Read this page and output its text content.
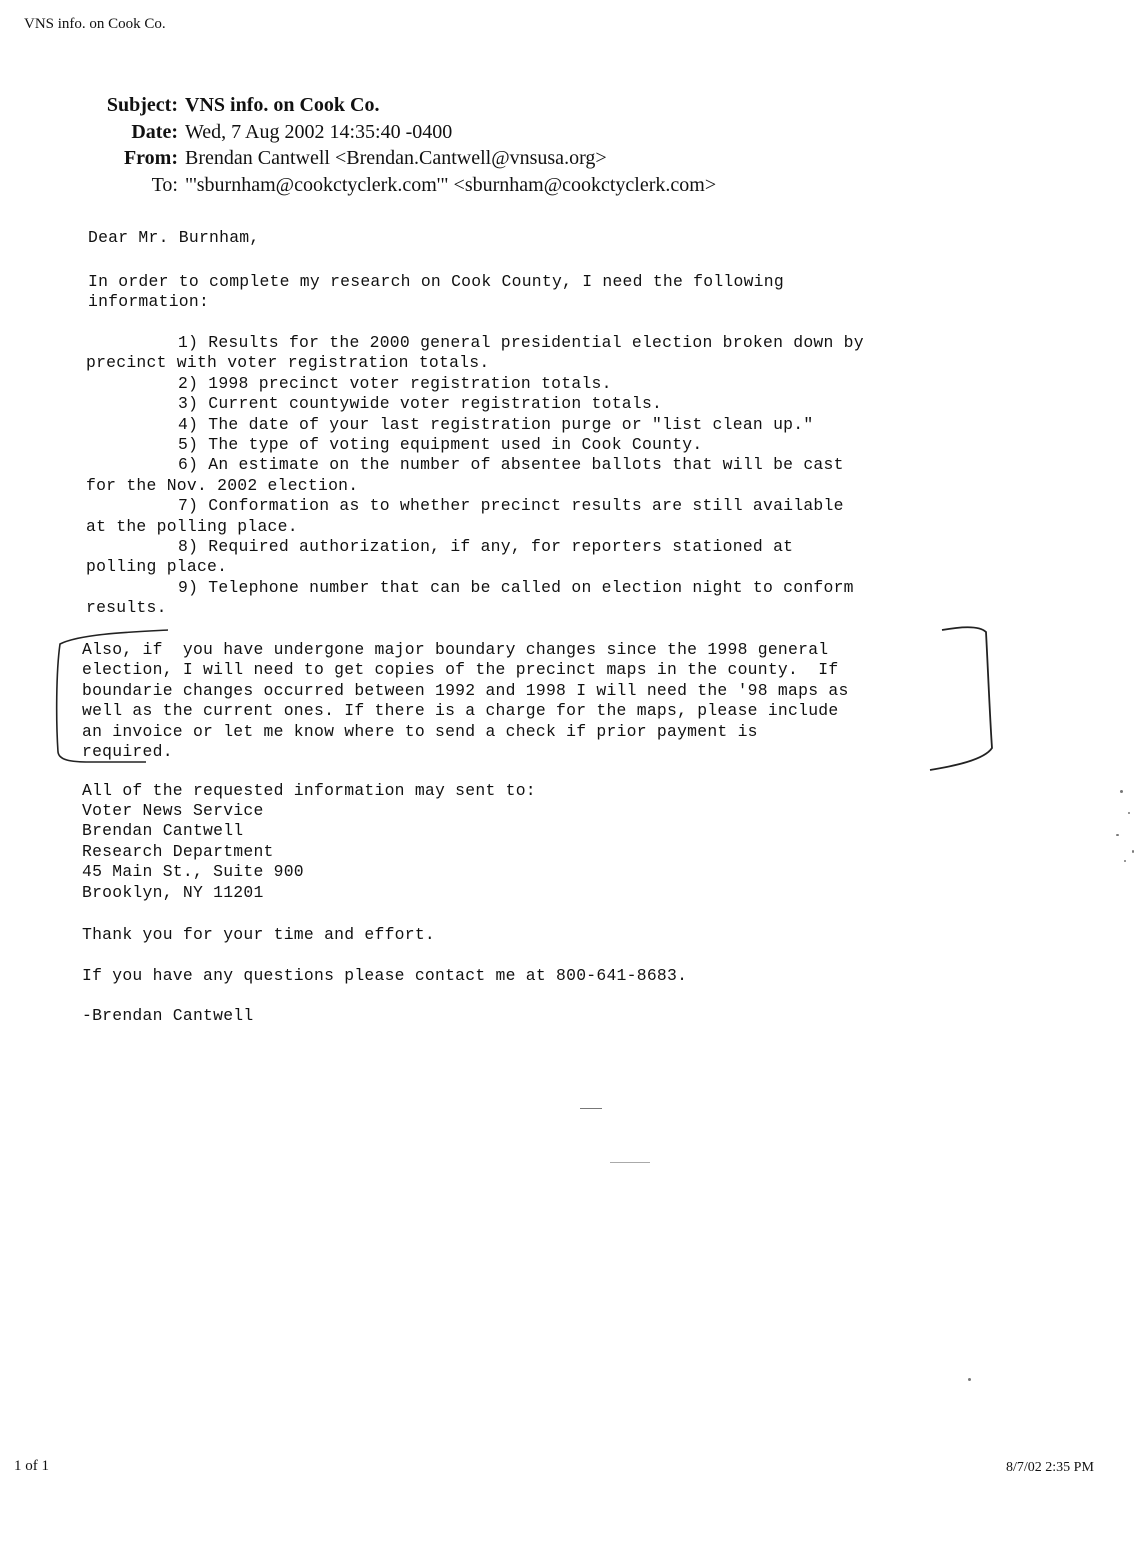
VNS info. on Cook Co.
Subject: VNS info. on Cook Co.
Date: Wed, 7 Aug 2002 14:35:40 -0400
From: Brendan Cantwell <Brendan.Cantwell@vnsusa.org>
To: "'sburnham@cookctyclerk.com'" <sburnham@cookctyclerk.com>
Dear Mr. Burnham,
In order to complete my research on Cook County, I need the following
information:
1) Results for the 2000 general presidential election broken down by
precinct with voter registration totals.
2) 1998 precinct voter registration totals.
3) Current countywide voter registration totals.
4) The date of your last registration purge or "list clean up."
5) The type of voting equipment used in Cook County.
6) An estimate on the number of absentee ballots that will be cast
for the Nov. 2002 election.
7) Conformation as to whether precinct results are still available
at the polling place.
8) Required authorization, if any, for reporters stationed at
polling place.
9) Telephone number that can be called on election night to conform
results.
Also, if  you have undergone major boundary changes since the 1998 general
election, I will need to get copies of the precinct maps in the county.  If
boundarie changes occurred between 1992 and 1998 I will need the '98 maps as
well as the current ones. If there is a charge for the maps, please include
an invoice or let me know where to send a check if prior payment is
required.
All of the requested information may sent to:
Voter News Service
Brendan Cantwell
Research Department
45 Main St., Suite 900
Brooklyn, NY 11201
Thank you for your time and effort.
If you have any questions please contact me at 800-641-8683.
-Brendan Cantwell
1 of 1	8/7/02 2:35 PM
